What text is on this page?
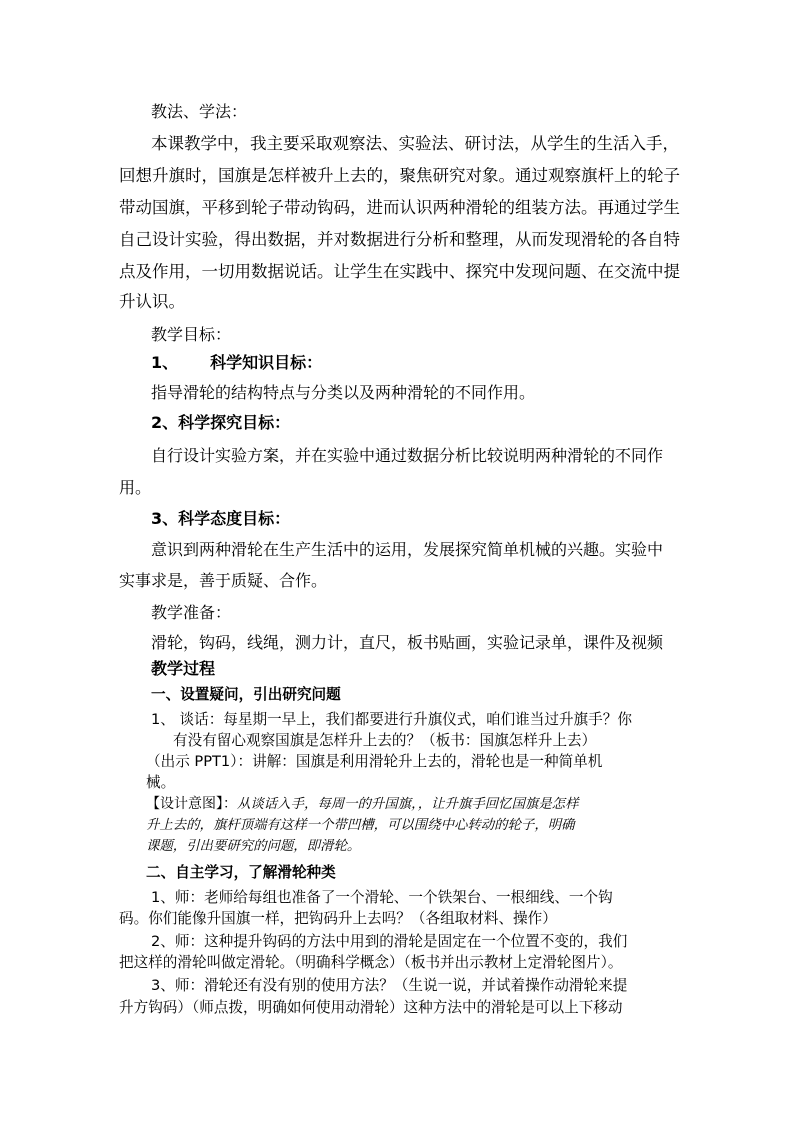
教法、学法：
本课教学中，我主要采取观察法、实验法、研讨法，从学生的生活入手，
回想升旗时，国旗是怎样被升上去的，聚焦研究对象。通过观察旗杆上的轮子
带动国旗，平移到轮子带动钩码，进而认识两种滑轮的组装方法。再通过学生
自己设计实验，得出数据，并对数据进行分析和整理，从而发现滑轮的各自特
点及作用，一切用数据说话。让学生在实践中、探究中发现问题、在交流中提
升认识。
教学目标：
1、 科学知识目标：
指导滑轮的结构特点与分类以及两种滑轮的不同作用。
2、科学探究目标：
自行设计实验方案，并在实验中通过数据分析比较说明两种滑轮的不同作
用。
3、科学态度目标：
意识到两种滑轮在生产生活中的运用，发展探究简单机械的兴趣。实验中
实事求是，善于质疑、合作。
教学准备：
滑轮，钩码，线绳，测力计，直尺，板书贴画，实验记录单，课件及视频
教学过程
一、设置疑问，引出研究问题
1、 谈话：每星期一早上，我们都要进行升旗仪式，咱们谁当过升旗手？你
有没有留心观察国旗是怎样升上去的？（板书：国旗怎样升上去）
（出示 PPT1）：讲解：国旗是利用滑轮升上去的，滑轮也是一种简单机
械。
【设计意图】：从谈话入手，每周一的升国旗，，让升旗手回忆国旗是怎样
升上去的，旗杆顶端有这样一个带凹槽，可以围绕中心转动的轮子，明确
课题，引出要研究的问题，即滑轮。
二、自主学习，了解滑轮种类
1、师：老师给每组也准备了一个滑轮、一个铁架台、一根细线、一个钩
码。你们能像升国旗一样，把钩码升上去吗？（各组取材料、操作）
2、师：这种提升钩码的方法中用到的滑轮是固定在一个位置不变的，我们
把这样的滑轮叫做定滑轮。（明确科学概念）（板书并出示教材上定滑轮图片）。
3、师：滑轮还有没有别的使用方法？（生说一说，并试着操作动滑轮来提
升方钩码）（师点拨，明确如何使用动滑轮）这种方法中的滑轮是可以上下移动
